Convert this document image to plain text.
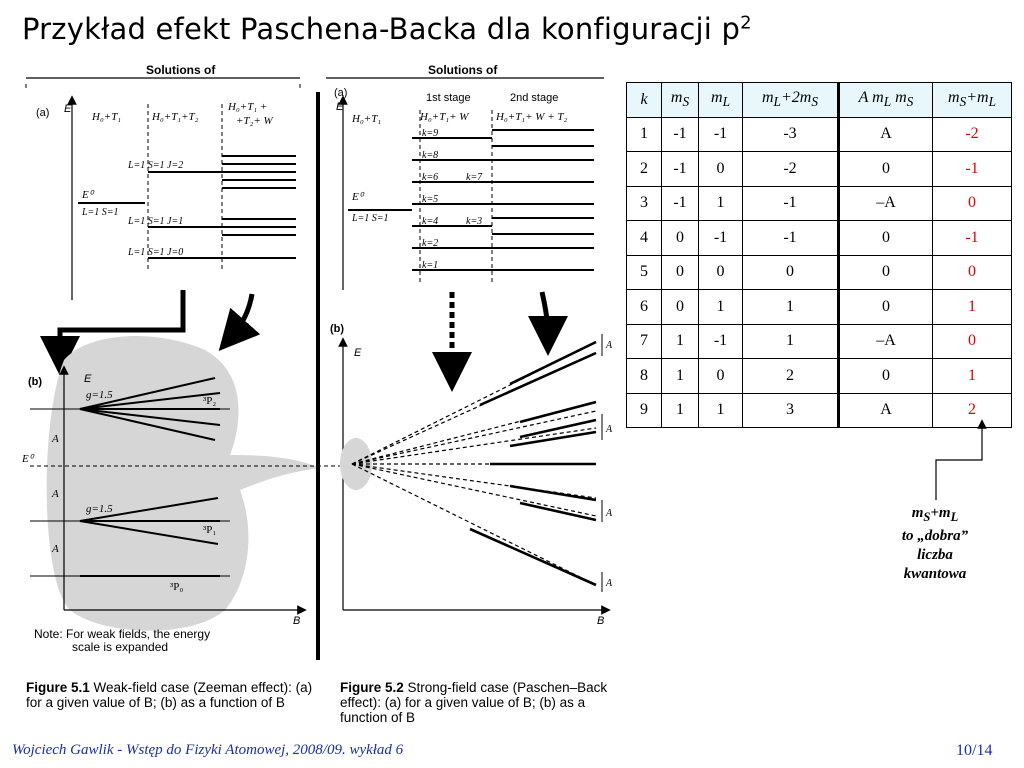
Przykład efekt Paschena-Backa dla konfiguracji $p^2$
Solutions of
(a) E
H₀+T₁	H₀+T₁+T₂
H₀+T₁ +
+T₂+ W
E⁰
L=1 S=1
L=1 S=1 J=2
L=1 S=1 J=1
L=1 S=1 J=0
(b)	E
B
E⁰
g=1.5
g=1.5
³P₂
³P₁
³P₀
A
A
A
Note: For weak fields, the energy
scale is expanded
Solutions of
(a)
E
1st stage	2nd stage
H₀+T₁	H₀+T₁+ W	H₀+T₁+ W + T₂
E⁰
L=1 S=1
k=9
k=8
k=6	k=7
k=5
k=4	k=3
k=2
k=1
(b)
E
B
A
A
A
A
Figure 5.1 Weak-field case (Zeeman effect): (a) for a given value of B; (b) as a function of B
Figure 5.2 Strong-field case (Paschen–Back effect): (a) for a given value of B; (b) as a function of B
k	$m_S$	$m_L$	$m_L+2m_S$	A $m_L$ $m_S$	$m_S+m_L$
1	-1	-1	-3	A	-2
2	-1	0	-2	0	-1
3	-1	1	-1	–A	0
4	0	-1	-1	0	-1
5	0	0	0	0	0
6	0	1	1	0	1
7	1	-1	1	–A	0
8	1	0	2	0	1
9	1	1	3	A	2
$m_S+m_L$
to „dobra”
liczba
kwantowa
Wojciech Gawlik - Wstęp do Fizyki Atomowej, 2008/09. wykład 6	10/14
